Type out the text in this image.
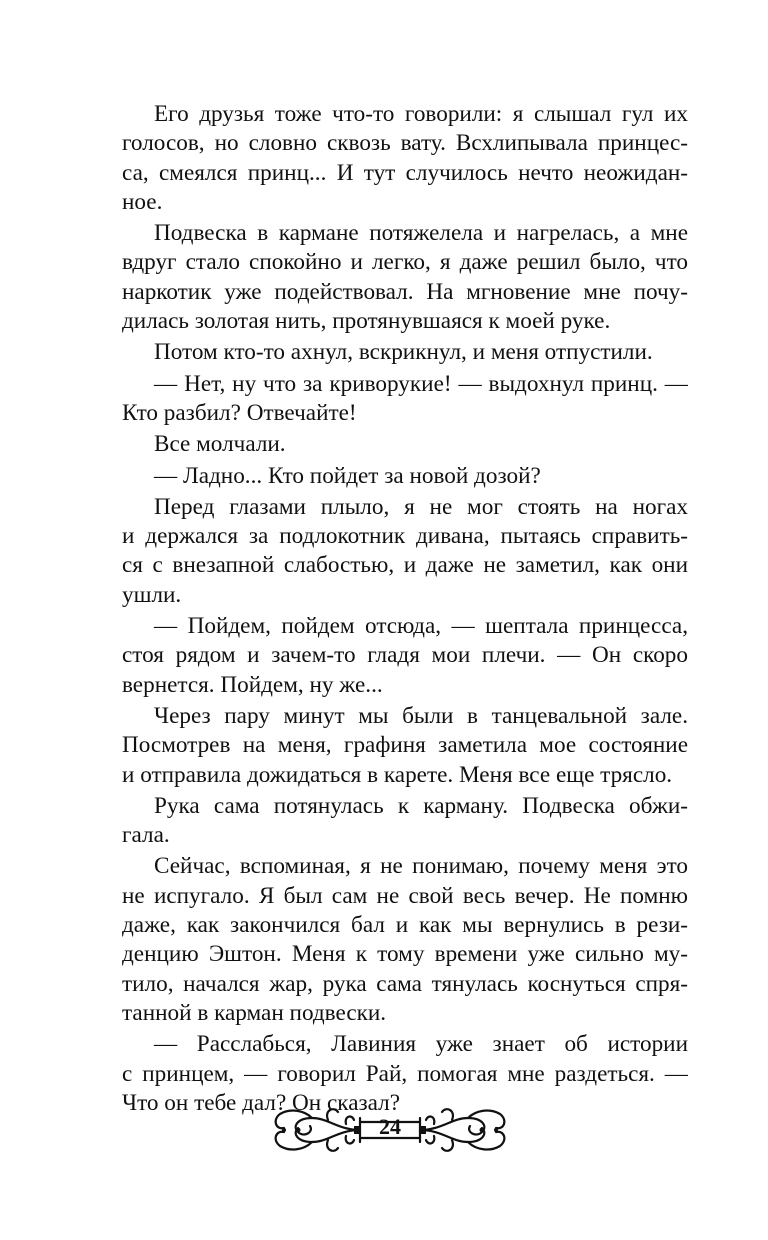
Его друзья тоже что-то говорили: я слышал гул их
голосов, но словно сквозь вату. Всхлипывала принцес-
са, смеялся принц... И тут случилось нечто неожидан-
ное.
Подвеска в кармане потяжелела и нагрелась, а мне
вдруг стало спокойно и легко, я даже решил было, что
наркотик уже подействовал. На мгновение мне почу-
дилась золотая нить, протянувшаяся к моей руке.
Потом кто-то ахнул, вскрикнул, и меня отпустили.
— Нет, ну что за криворукие! — выдохнул принц. —
Кто разбил? Отвечайте!
Все молчали.
— Ладно... Кто пойдет за новой дозой?
Перед глазами плыло, я не мог стоять на ногах
и держался за подлокотник дивана, пытаясь справить-
ся с внезапной слабостью, и даже не заметил, как они
ушли.
— Пойдем, пойдем отсюда, — шептала принцесса,
стоя рядом и зачем-то гладя мои плечи. — Он скоро
вернется. Пойдем, ну же...
Через пару минут мы были в танцевальной зале.
Посмотрев на меня, графиня заметила мое состояние
и отправила дожидаться в карете. Меня все еще трясло.
Рука сама потянулась к карману. Подвеска обжи-
гала.
Сейчас, вспоминая, я не понимаю, почему меня это
не испугало. Я был сам не свой весь вечер. Не помню
даже, как закончился бал и как мы вернулись в рези-
денцию Эштон. Меня к тому времени уже сильно му-
тило, начался жар, рука сама тянулась коснуться спря-
танной в карман подвески.
— Расслабься, Лавиния уже знает об истории
с принцем, — говорил Рай, помогая мне раздеться. —
Что он тебе дал? Он сказал?
24
